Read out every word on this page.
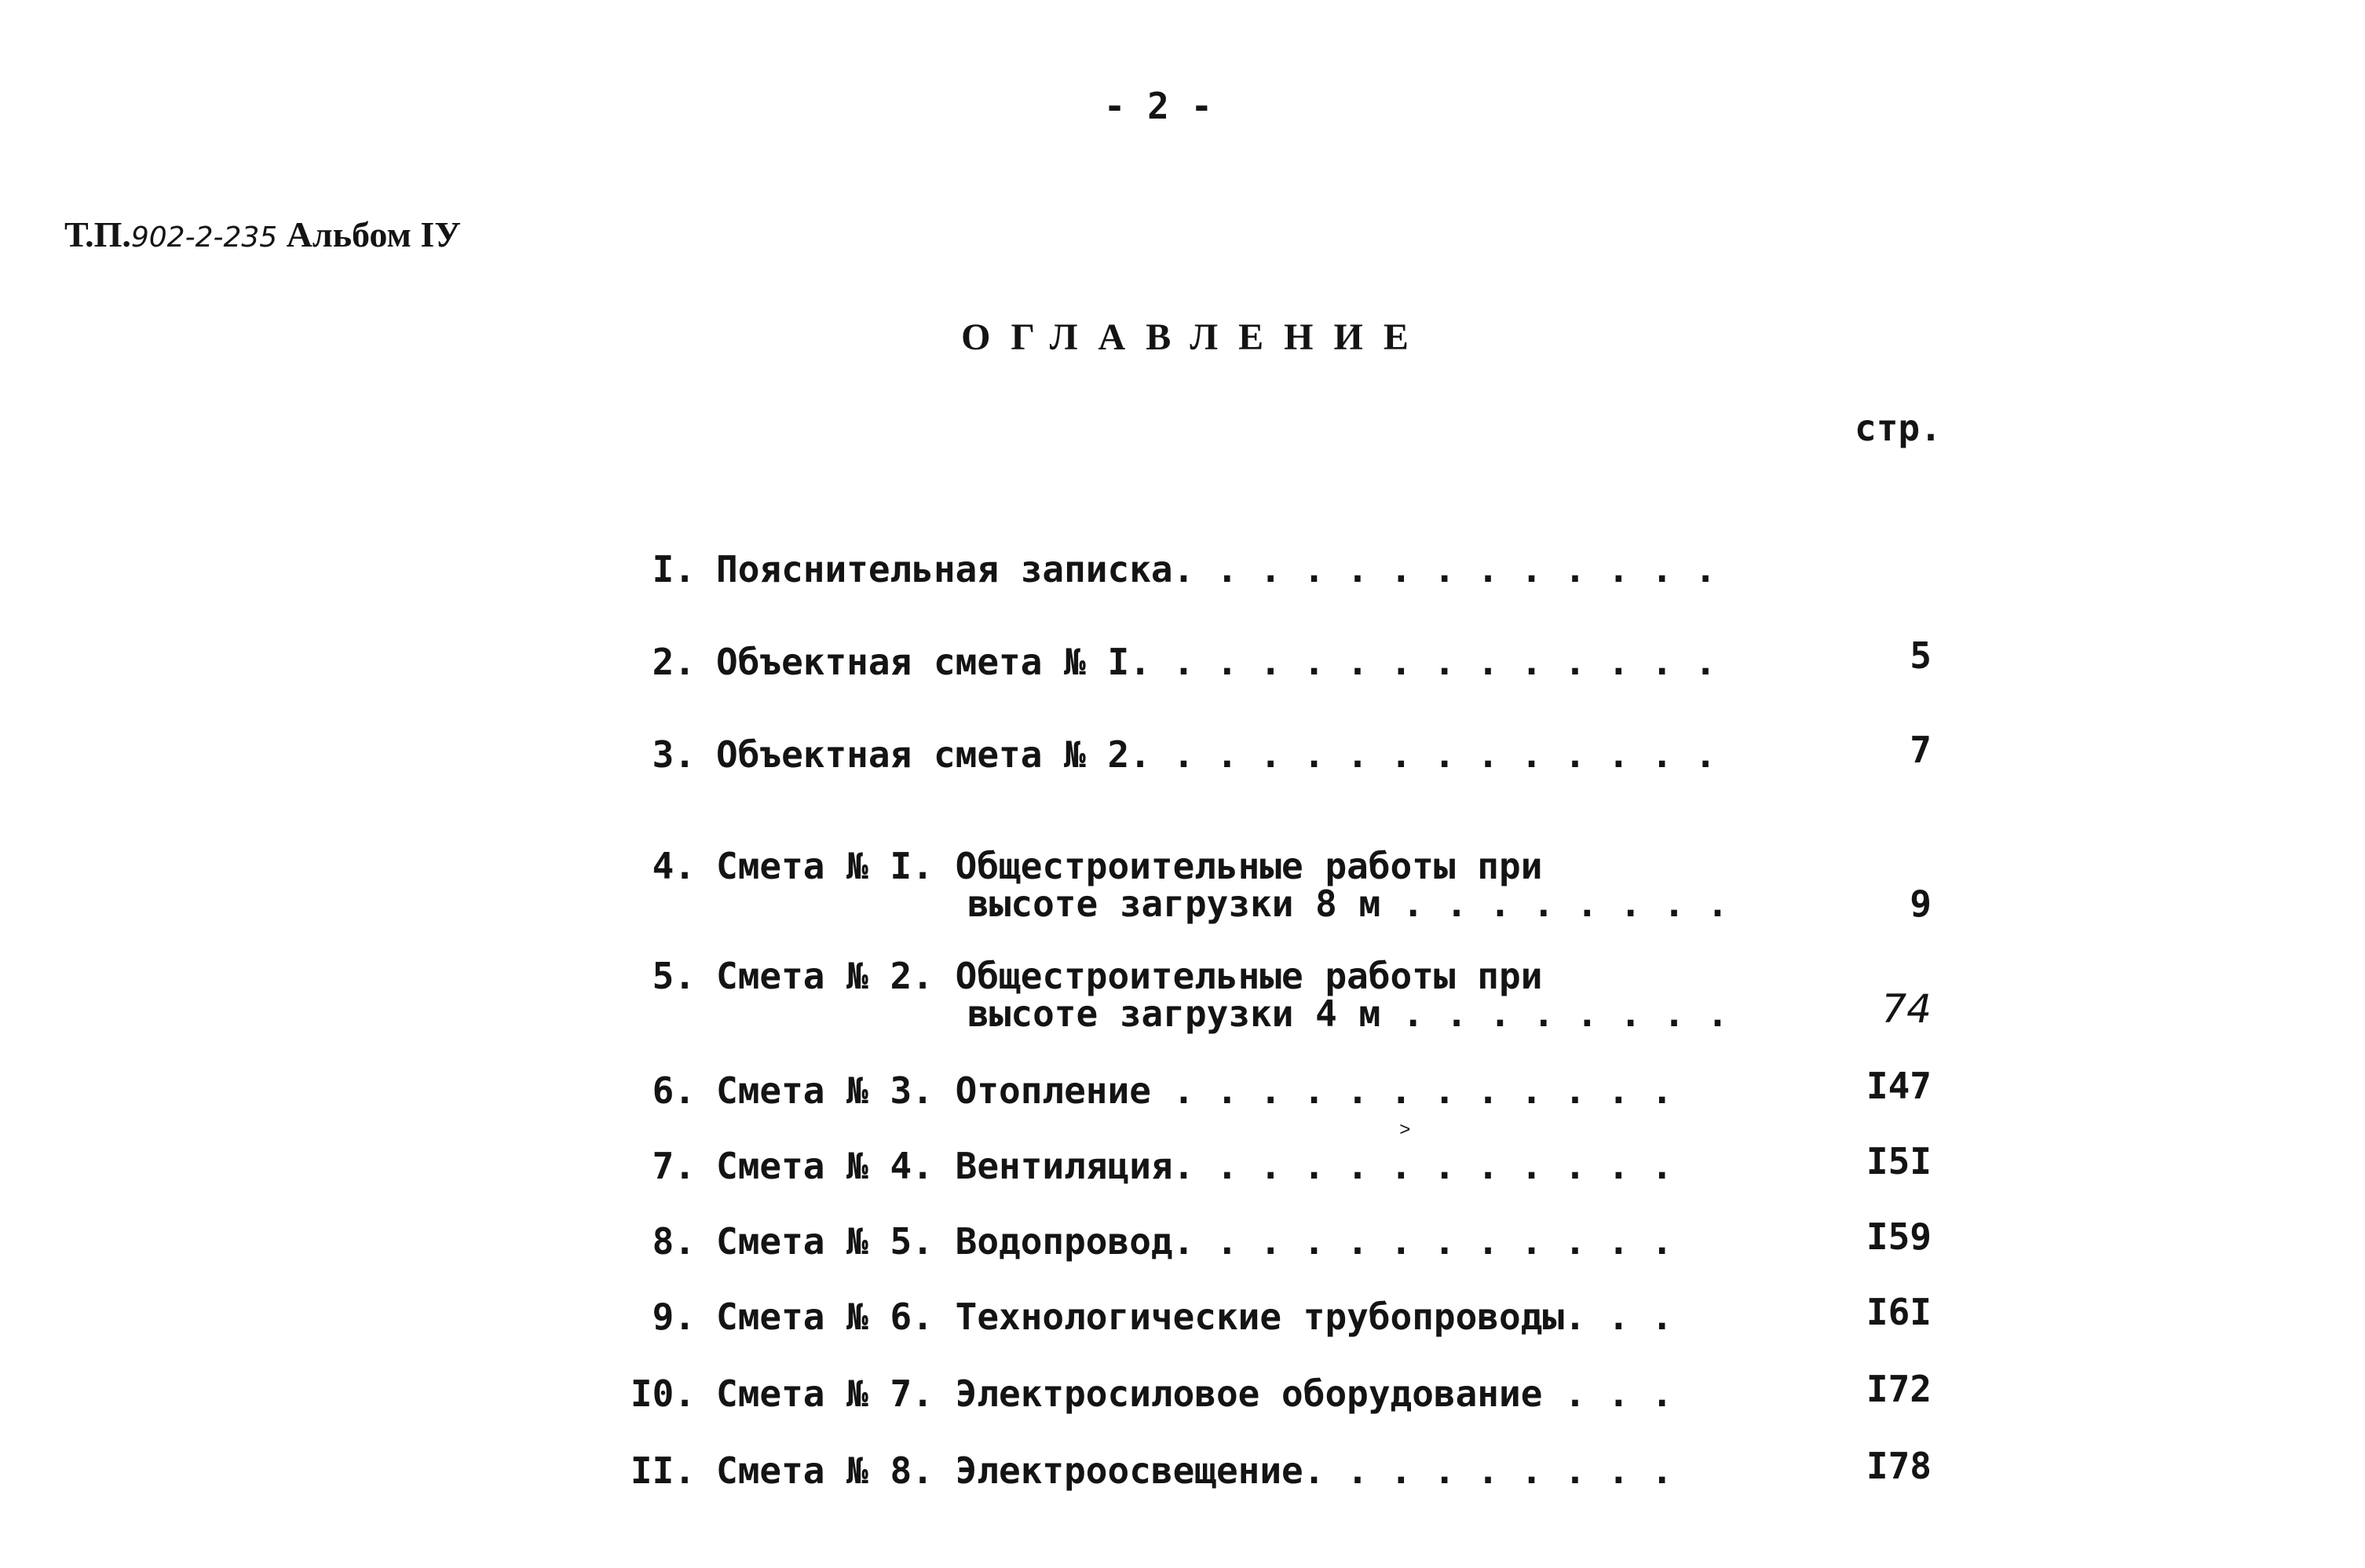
- 2 -
Т.П.902-2-235 Альбом IУ
ОГЛАВЛЕНИЕ
стр.
I. Пояснительная записка. . . . . . . . . . . . .
2. Объектная смета № I. . . . . . . . . . . . . .	5
3. Объектная смета № 2. . . . . . . . . . . . . .	7
4. Смета № I. Общестроительные работы при
высоте загрузки 8 м . . . . . . . .	9
5. Смета № 2. Общестроительные работы при
высоте загрузки 4 м . . . . . . . .	74
6. Смета № 3. Отопление . . . . . . . . . . . .	I47
˃
7. Смета № 4. Вентиляция. . . . . . . . . . . .	I5I
8. Смета № 5. Водопровод. . . . . . . . . . . .	I59
9. Смета № 6. Технологические трубопроводы. . .	I6I
I0. Смета № 7. Электросиловое оборудование . . .	I72
II. Смета № 8. Электроосвещение. . . . . . . . .	I78
